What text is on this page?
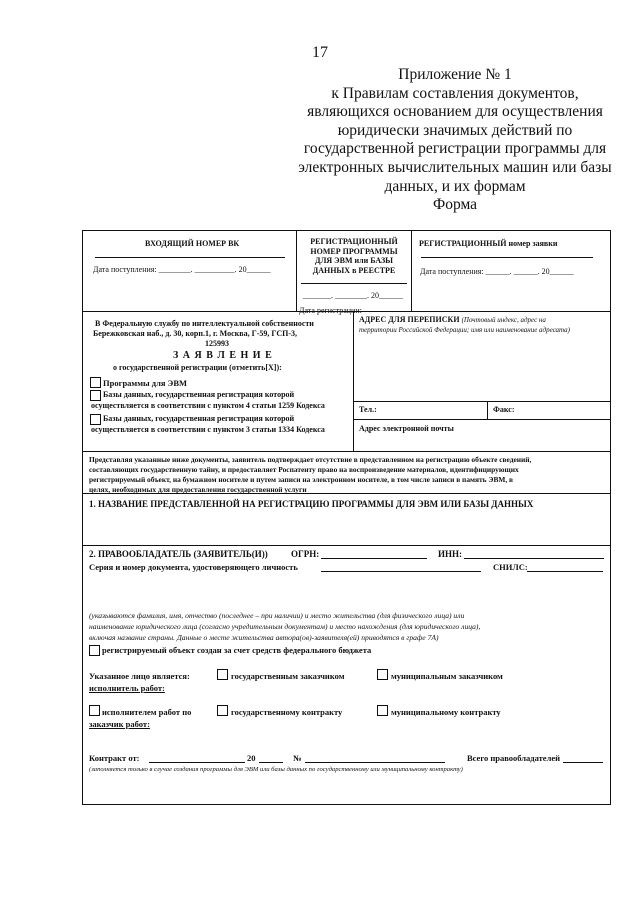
17
Приложение № 1
к Правилам составления документов,
являющихся основанием для осуществления
юридически значимых действий по
государственной регистрации программы для
электронных вычислительных машин или базы
данных, и их формам
Форма
ВХОДЯЩИЙ НОМЕР ВК
Дата поступления: ________. __________. 20______
РЕГИСТРАЦИОННЫЙ
НОМЕР ПРОГРАММЫ
ДЛЯ ЭВМ или БАЗЫ
ДАННЫХ в РЕЕСТРЕ
_______. ________. 20______
Дата регистрации:
РЕГИСТРАЦИОННЫЙ номер заявки
Дата поступления: ______. ______. 20______
В Федеральную службу по интеллектуальной собственности
Бережковская наб., д. 30, корп.1, г. Москва, Г-59, ГСП-3,
125993
З А Я В Л Е Н И Е
о государственной регистрации (отметить[X]):
Программы для ЭВМ
Базы данных, государственная регистрация которой
осуществляется в соответствии с пунктом 4 статьи 1259 Кодекса
Базы данных, государственная регистрация которой
осуществляется в соответствии с пунктом 3 статьи 1334 Кодекса
АДРЕС ДЛЯ ПЕРЕПИСКИ (Почтовый индекс, адрес на
территории Российской Федерации; имя или наименование адресата)
Тел.:	Факс:
Адрес электронной почты
Представляя указанные ниже документы, заявитель подтверждает отсутствие в представленном на регистрацию объекте сведений,
составляющих государственную тайну, и предоставляет Роспатенту право на воспроизведение материалов, идентифицирующих
регистрируемый объект, на бумажном носителе и путем записи на электронном носителе, в том числе записи в память ЭВМ, в
целях, необходимых для предоставления государственной услуги
1. НАЗВАНИЕ ПРЕДСТАВЛЕННОЙ НА РЕГИСТРАЦИЮ ПРОГРАММЫ ДЛЯ ЭВМ ИЛИ БАЗЫ ДАННЫХ
2. ПРАВООБЛАДАТЕЛЬ (ЗАЯВИТЕЛЬ(И))	ОГРН:	ИНН:
Серия и номер документа, удостоверяющего личность	СНИЛС:
(указываются фамилия, имя, отчество (последнее – при наличии) и место жительства (для физического лица) или
наименование юридического лица (согласно учредительным документам) и место нахождения (для юридического лица),
включая название страны. Данные о месте жительства автора(ов)-заявителя(ей) приводятся в графе 7А)
регистрируемый объект создан за счет средств федерального бюджета
Указанное лицо является:	государственным заказчиком	муниципальным заказчиком
исполнитель работ:
исполнителем работ по	государственному контракту	муниципальному контракту
заказчик работ:
Контракт от:	20	№	Всего правообладателей
(заполняется только в случае создания программы для ЭВМ или базы данных по государственному или муниципальному контракту)
